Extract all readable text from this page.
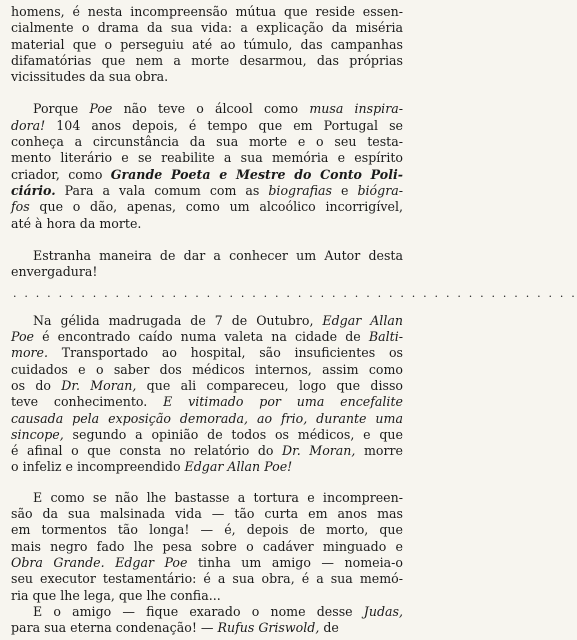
homens, é nesta incompreensão mútua que reside essen-
cialmente o drama da sua vida: a explicação da miséria
material que o perseguiu até ao túmulo, das campanhas
difamatórias que nem a morte desarmou, das próprias
vicissitudes da sua obra.
Porque Poe não teve o álcool como musa inspira-
dora! 104 anos depois, é tempo que em Portugal se
conheça a circunstância da sua morte e o seu testa-
mento literário e se reabilite a sua memória e espírito
criador, como Grande Poeta e Mestre do Conto Poli-
ciário. Para a vala comum com as biografias e biógra-
fos que o dão, apenas, como um alcoólico incorrigível,
até à hora da morte.
Estranha maneira de dar a conhecer um Autor desta
envergadura!
. . . . . . . . . . . . . . . . . . . . . . . . . . . . . . . . . . . . . . . . . . . . . . . . . .
Na gélida madrugada de 7 de Outubro, Edgar Allan
Poe é encontrado caído numa valeta na cidade de Balti-
more. Transportado ao hospital, são insuficientes os
cuidados e o saber dos médicos internos, assim como
os do Dr. Moran, que ali compareceu, logo que disso
teve conhecimento. E vitimado por uma encefalite
causada pela exposição demorada, ao frio, durante uma
sincope, segundo a opinião de todos os médicos, e que
é afinal o que consta no relatório do Dr. Moran, morre
o infeliz e incompreendido Edgar Allan Poe!
E como se não lhe bastasse a tortura e incompreen-
são da sua malsinada vida — tão curta em anos mas
em tormentos tão longa! — é, depois de morto, que
mais negro fado lhe pesa sobre o cadáver minguado e
Obra Grande. Edgar Poe tinha um amigo — nomeia-o
seu executor testamentário: é a sua obra, é a sua memó-
ria que lhe lega, que lhe confia...
E o amigo — fique exarado o nome desse Judas,
para sua eterna condenação! — Rufus Griswold, de
